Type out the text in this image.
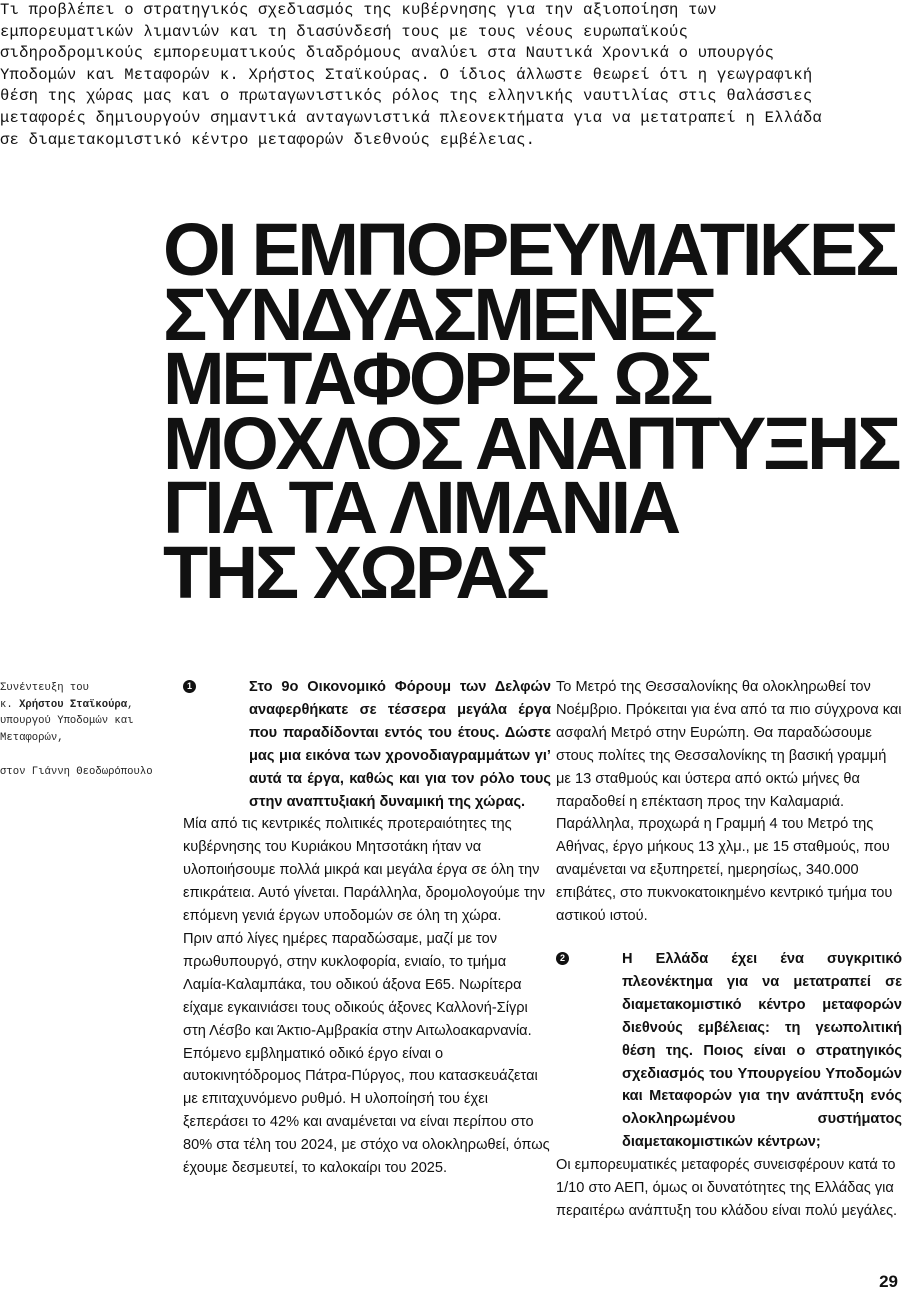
Τι προβλέπει ο στρατηγικός σχεδιασμός της κυβέρνησης για την αξιοποίηση των
εμπορευματικών λιμανιών και τη διασύνδεσή τους με τους νέους ευρωπαϊκούς
σιδηροδρομικούς εμπορευματικούς διαδρόμους αναλύει στα Ναυτικά Χρονικά ο υπουργός
Υποδομών και Μεταφορών κ. Χρήστος Σταϊκούρας. Ο ίδιος άλλωστε θεωρεί ότι η γεωγραφική
θέση της χώρας μας και ο πρωταγωνιστικός ρόλος της ελληνικής ναυτιλίας στις θαλάσσιες
μεταφορές δημιουργούν σημαντικά ανταγωνιστικά πλεονεκτήματα για να μετατραπεί η Ελλάδα
σε διαμετακομιστικό κέντρο μεταφορών διεθνούς εμβέλειας.

ΟΙ ΕΜΠΟΡΕΥΜΑΤΙΚΕΣ
ΣΥΝΔΥΑΣΜΕΝΕΣ
ΜΕΤΑΦΟΡΕΣ ΩΣ
ΜΟΧΛΟΣ ΑΝΑΠΤΥΞΗΣ
ΓΙΑ ΤΑ ΛΙΜΑΝΙΑ
ΤΗΣ ΧΩΡΑΣ
Συνέντευξη του
κ. Χρήστου Σταϊκούρα,
υπουργού Υποδομών και
Μεταφορών,
στον Γιάννη Θεοδωρόπουλο

1	Στο 9ο Οικονομικό Φόρουμ των Δελφών αναφερθήκατε σε τέσσερα μεγάλα έργα που παραδίδονται εντός του έτους. Δώστε μας μια εικόνα των χρονοδιαγραμμάτων γι’ αυτά τα έργα, καθώς και για τον ρόλο τους στην αναπτυξιακή δυναμική της χώρας.

Μία από τις κεντρικές πολιτικές προτεραιότητες της κυβέρνησης του Κυριάκου Μητσοτάκη ήταν να υλοποιήσουμε πολλά μικρά και μεγάλα έργα σε όλη την επικράτεια. Αυτό γίνεται. Παράλληλα, δρομολογούμε την επόμενη γενιά έργων υποδομών σε όλη τη χώρα.

Πριν από λίγες ημέρες παραδώσαμε, μαζί με τον πρωθυπουργό, στην κυκλοφορία, ενιαίο, το τμήμα Λαμία-Καλαμπάκα, του οδικού άξονα Ε65. Νωρίτερα είχαμε εγκαινιάσει τους οδικούς άξονες Καλλονή-Σίγρι στη Λέσβο και Άκτιο-Αμβρακία στην Αιτωλοακαρνανία.

Επόμενο εμβληματικό οδικό έργο είναι ο αυτοκινητόδρομος Πάτρα-Πύργος, που κατασκευάζεται με επιταχυνόμενο ρυθμό. Η υλοποίησή του έχει ξεπεράσει το 42% και αναμένεται να είναι περίπου στο 80% στα τέλη του 2024, με στόχο να ολοκληρωθεί, όπως έχουμε δεσμευτεί, το καλοκαίρι του 2025.

Το Μετρό της Θεσσαλονίκης θα ολοκληρωθεί τον Νοέμβριο. Πρόκειται για ένα από τα πιο σύγχρονα και ασφαλή Μετρό στην Ευρώπη. Θα παραδώσουμε στους πολίτες της Θεσσαλονίκης τη βασική γραμμή με 13 σταθμούς και ύστερα από οκτώ μήνες θα παραδοθεί η επέκταση προς την Καλαμαριά.

Παράλληλα, προχωρά η Γραμμή 4 του Μετρό της Αθήνας, έργο μήκους 13 χλμ., με 15 σταθμούς, που αναμένεται να εξυπηρετεί, ημερησίως, 340.000 επιβάτες, στο πυκνοκατοικημένο κεντρικό τμήμα του αστικού ιστού.

2	Η Ελλάδα έχει ένα συγκριτικό πλεονέκτημα για να μετατραπεί σε διαμετακομιστικό κέντρο μεταφορών διεθνούς εμβέλειας: τη γεωπολιτική θέση της. Ποιος είναι ο στρατηγικός σχεδιασμός του Υπουργείου Υποδομών και Μεταφορών για την ανάπτυξη ενός ολοκληρωμένου συστήματος διαμετακομιστικών κέντρων;

Οι εμπορευματικές μεταφορές συνεισφέρουν κατά το 1/10 στο ΑΕΠ, όμως οι δυνατότητες της Ελλάδας για περαιτέρω ανάπτυξη του κλάδου είναι πολύ μεγάλες.

29
